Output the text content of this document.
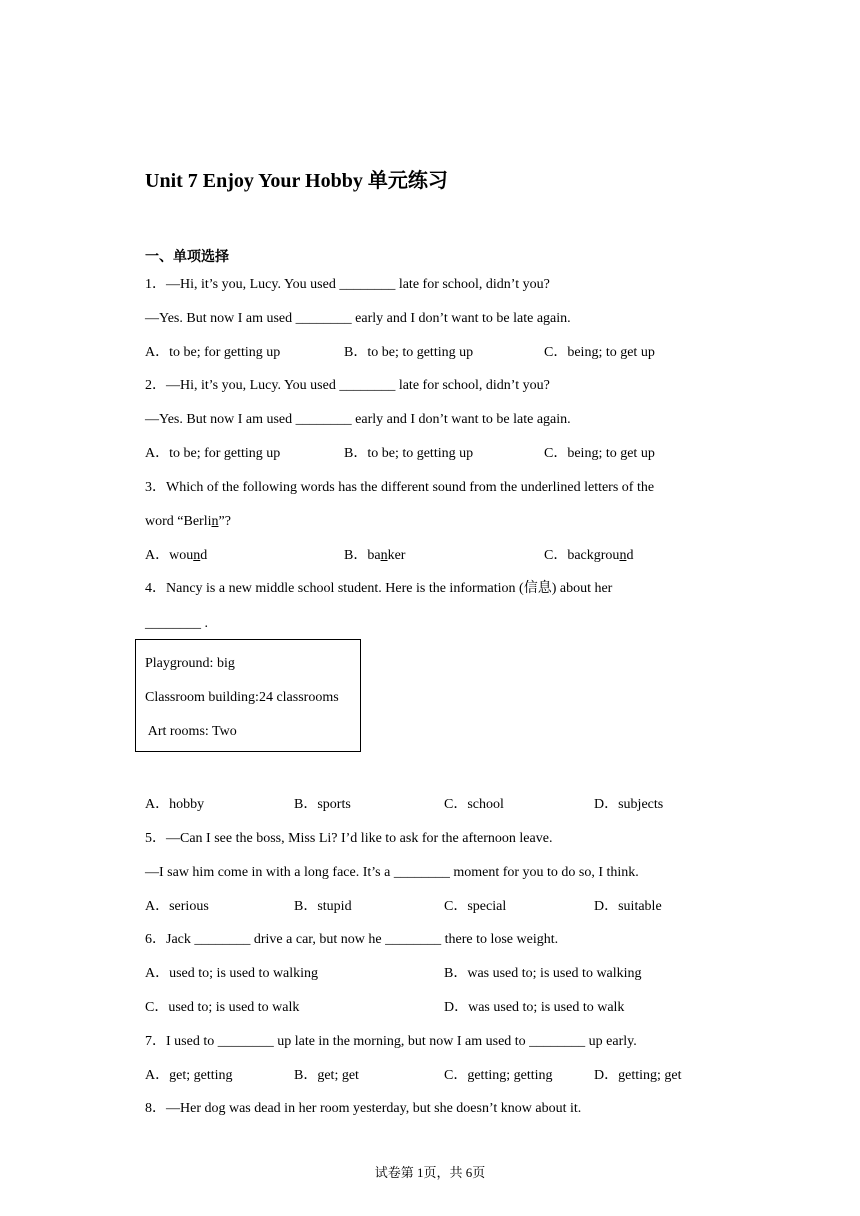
Unit 7 Enjoy Your Hobby 单元练习
一、单项选择
1．—Hi, it’s you, Lucy. You used ________ late for school, didn’t you?
—Yes. But now I am used ________ early and I don’t want to be late again.
A．to be; for getting up	B．to be; to getting up	C．being; to get up
2．—Hi, it’s you, Lucy. You used ________ late for school, didn’t you?
—Yes. But now I am used ________ early and I don’t want to be late again.
A．to be; for getting up	B．to be; to getting up	C．being; to get up
3．Which of the following words has the different sound from the underlined letters of the
word “Berlin”?
A．wound	B．banker	C．background
4．Nancy is a new middle school student. Here is the information (信息) about her
________ .
Playground: big
Classroom building:24 classrooms
Art rooms: Two
A．hobby	B．sports	C．school	D．subjects
5．—Can I see the boss, Miss Li? I’d like to ask for the afternoon leave.
—I saw him come in with a long face. It’s a ________ moment for you to do so, I think.
A．serious	B．stupid	C．special	D．suitable
6．Jack ________ drive a car, but now he ________ there to lose weight.
A．used to; is used to walking	B．was used to; is used to walking
C．used to; is used to walk	D．was used to; is used to walk
7．I used to ________ up late in the morning, but now I am used to ________ up early.
A．get; getting	B．get; get	C．getting; getting	D．getting; get
8．—Her dog was dead in her room yesterday, but she doesn’t know about it.
试卷第 1页，共 6页
